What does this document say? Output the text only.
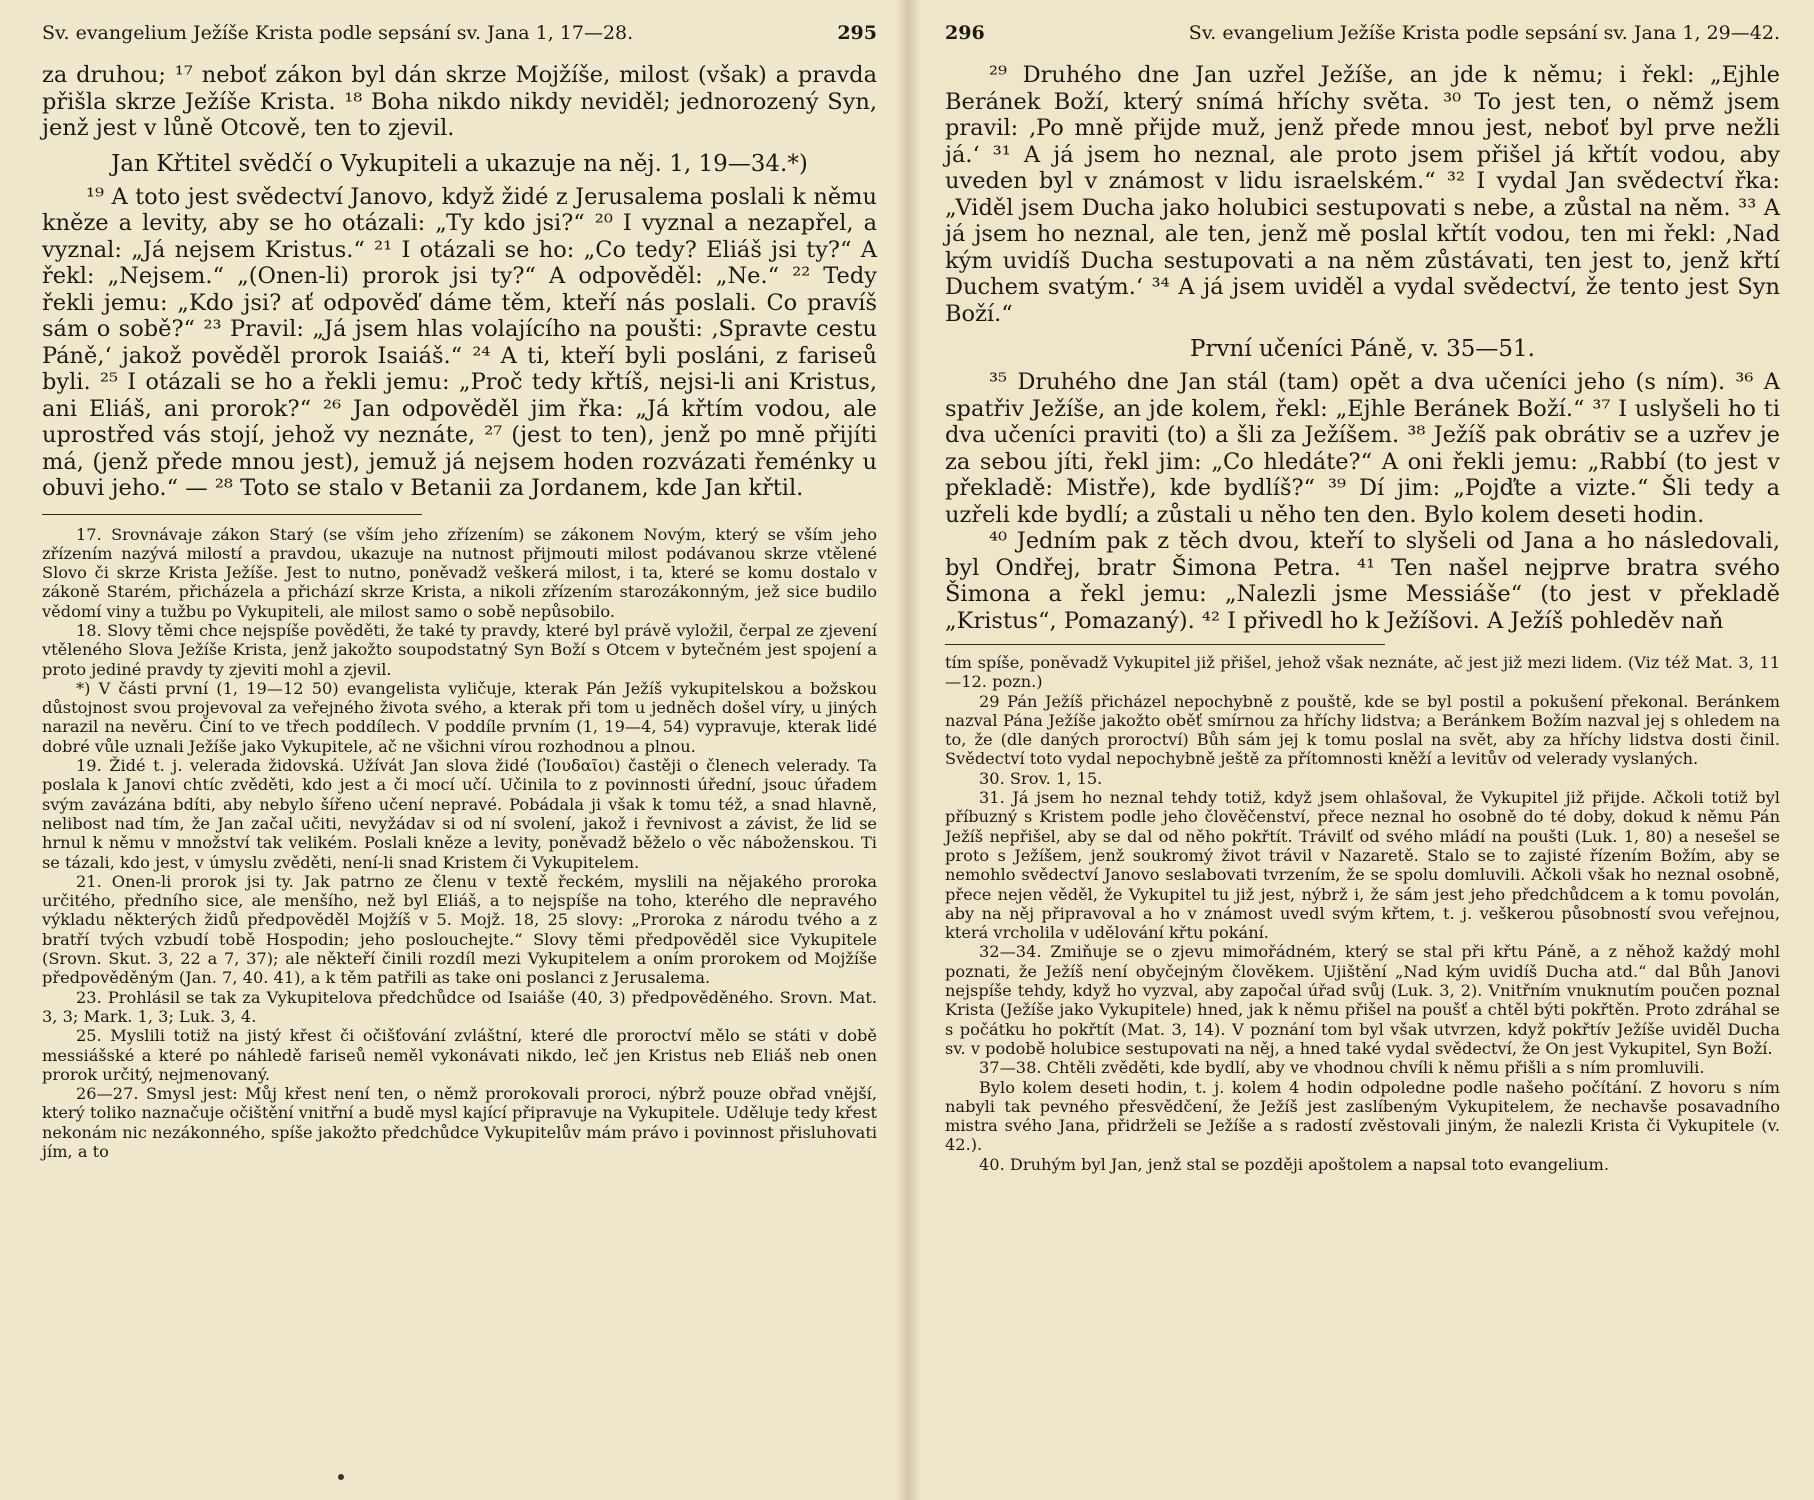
Sv. evangelium Ježíše Krista podle sepsání sv. Jana 1, 17—28.	295

za druhou; ¹⁷ neboť zákon byl dán skrze Mojžíše, milost (však) a pravda přišla skrze Ježíše Krista. ¹⁸ Boha nikdo nikdy neviděl; jednorozený Syn, jenž jest v lůně Otcově, ten to zjevil.

Jan Křtitel svědčí o Vykupiteli a ukazuje na něj. 1, 19—34.*)

¹⁹ A toto jest svědectví Janovo, když židé z Jerusalema poslali k němu kněze a levity, aby se ho otázali: „Ty kdo jsi?“ ²⁰ I vyznal a nezapřel, a vyznal: „Já nejsem Kristus.“ ²¹ I otázali se ho: „Co tedy? Eliáš jsi ty?“ A řekl: „Nejsem.“ „(Onen-li) prorok jsi ty?“ A odpověděl: „Ne.“ ²² Tedy řekli jemu: „Kdo jsi? ať odpověď dáme těm, kteří nás poslali. Co pravíš sám o sobě?“ ²³ Pravil: „Já jsem hlas volajícího na poušti: ‚Spravte cestu Páně,‘ jakož pověděl prorok Isaiáš.“ ²⁴ A ti, kteří byli posláni, z fariseů byli. ²⁵ I otázali se ho a řekli jemu: „Proč tedy křtíš, nejsi-li ani Kristus, ani Eliáš, ani prorok?“ ²⁶ Jan odpověděl jim řka: „Já křtím vodou, ale uprostřed vás stojí, jehož vy neznáte, ²⁷ (jest to ten), jenž po mně přijíti má, (jenž přede mnou jest), jemuž já nejsem hoden rozvázati řeménky u obuvi jeho.“ — ²⁸ Toto se stalo v Betanii za Jordanem, kde Jan křtil.

17. Srovnávaje zákon Starý (se vším jeho zřízením) se zákonem Novým, který se vším jeho zřízením nazývá milostí a pravdou, ukazuje na nutnost přijmouti milost podávanou skrze vtělené Slovo či skrze Krista Ježíše. Jest to nutno, poněvadž veškerá milost, i ta, které se komu dostalo v zákoně Starém, přicházela a přichází skrze Krista, a nikoli zřízením starozákonným, jež sice budilo vědomí viny a tužbu po Vykupiteli, ale milost samo o sobě nepůsobilo.

18. Slovy těmi chce nejspíše pověděti, že také ty pravdy, které byl právě vyložil, čerpal ze zjevení vtěleného Slova Ježíše Krista, jenž jakožto soupodstatný Syn Boží s Otcem v bytečném jest spojení a proto jediné pravdy ty zjeviti mohl a zjevil.

*) V části první (1, 19—12 50) evangelista vyličuje, kterak Pán Ježíš vykupitelskou a božskou důstojnost svou projevoval za veřejného života svého, a kterak při tom u jedněch došel víry, u jiných narazil na nevěru. Činí to ve třech poddílech. V poddíle prvním (1, 19—4, 54) vypravuje, kterak lidé dobré vůle uznali Ježíše jako Vykupitele, ač ne všichni vírou rozhodnou a plnou.

19. Židé t. j. velerada židovská. Užívát Jan slova židé (Ἰουδαῖοι) častěji o členech velerady. Ta poslala k Janovi chtíc zvěděti, kdo jest a či mocí učí. Učinila to z povinnosti úřední, jsouc úřadem svým zavázána bdíti, aby nebylo šířeno učení nepravé. Pobádala ji však k tomu též, a snad hlavně, nelibost nad tím, že Jan začal učiti, nevyžádav si od ní svolení, jakož i řevnivost a závist, že lid se hrnul k němu v množství tak velikém. Poslali kněze a levity, poněvadž běželo o věc náboženskou. Ti se tázali, kdo jest, v úmyslu zvěděti, není-li snad Kristem či Vykupitelem.

21. Onen-li prorok jsi ty. Jak patrno ze členu v textě řeckém, myslili na nějakého proroka určitého, předního sice, ale menšího, než byl Eliáš, a to nejspíše na toho, kterého dle nepravého výkladu některých židů předpověděl Mojžíš v 5. Mojž. 18, 25 slovy: „Proroka z národu tvého a z bratří tvých vzbudí tobě Hospodin; jeho poslouchejte.“ Slovy těmi předpověděl sice Vykupitele (Srovn. Skut. 3, 22 a 7, 37); ale někteří činili rozdíl mezi Vykupitelem a oním prorokem od Mojžíše předpověděným (Jan. 7, 40. 41), a k těm patřili as take oni poslanci z Jerusalema.

23. Prohlásil se tak za Vykupitelova předchůdce od Isaiáše (40, 3) předpověděného. Srovn. Mat. 3, 3; Mark. 1, 3; Luk. 3, 4.

25. Myslili totiž na jistý křest či očišťování zvláštní, které dle proroctví mělo se státi v době messiášské a které po náhledě fariseů neměl vykonávati nikdo, leč jen Kristus neb Eliáš neb onen prorok určitý, nejmenovaný.

26—27. Smysl jest: Můj křest není ten, o němž prorokovali proroci, nýbrž pouze obřad vnější, který toliko naznačuje očištění vnitřní a budě mysl kající připravuje na Vykupitele. Uděluje tedy křest nekonám nic nezákonného, spíše jakožto předchůdce Vykupitelův mám právo i povinnost přisluhovati jím, a to

296	Sv. evangelium Ježíše Krista podle sepsání sv. Jana 1, 29—42.

²⁹ Druhého dne Jan uzřel Ježíše, an jde k němu; i řekl: „Ejhle Beránek Boží, který snímá hříchy světa. ³⁰ To jest ten, o němž jsem pravil: ‚Po mně přijde muž, jenž přede mnou jest, neboť byl prve nežli já.‘ ³¹ A já jsem ho neznal, ale proto jsem přišel já křtít vodou, aby uveden byl v známost v lidu israelském.“ ³² I vydal Jan svědectví řka: „Viděl jsem Ducha jako holubici sestupovati s nebe, a zůstal na něm. ³³ A já jsem ho neznal, ale ten, jenž mě poslal křtít vodou, ten mi řekl: ‚Nad kým uvidíš Ducha sestupovati a na něm zůstávati, ten jest to, jenž křtí Duchem svatým.‘ ³⁴ A já jsem uviděl a vydal svědectví, že tento jest Syn Boží.“

První učeníci Páně, v. 35—51.

³⁵ Druhého dne Jan stál (tam) opět a dva učeníci jeho (s ním). ³⁶ A spatřiv Ježíše, an jde kolem, řekl: „Ejhle Beránek Boží.“ ³⁷ I uslyšeli ho ti dva učeníci praviti (to) a šli za Ježíšem. ³⁸ Ježíš pak obrátiv se a uzřev je za sebou jíti, řekl jim: „Co hledáte?“ A oni řekli jemu: „Rabbí (to jest v překladě: Mistře), kde bydlíš?“ ³⁹ Dí jim: „Pojďte a vizte.“ Šli tedy a uzřeli kde bydlí; a zůstali u něho ten den. Bylo kolem deseti hodin.

⁴⁰ Jedním pak z těch dvou, kteří to slyšeli od Jana a ho následovali, byl Ondřej, bratr Šimona Petra. ⁴¹ Ten našel nejprve bratra svého Šimona a řekl jemu: „Nalezli jsme Messiáše“ (to jest v překladě „Kristus“, Pomazaný). ⁴² I přivedl ho k Ježíšovi. A Ježíš pohleděv naň

tím spíše, poněvadž Vykupitel již přišel, jehož však neznáte, ač jest již mezi lidem. (Viz též Mat. 3, 11—12. pozn.)

29 Pán Ježíš přicházel nepochybně z pouště, kde se byl postil a pokušení překonal. Beránkem nazval Pána Ježíše jakožto oběť smírnou za hříchy lidstva; a Beránkem Božím nazval jej s ohledem na to, že (dle daných proroctví) Bůh sám jej k tomu poslal na svět, aby za hříchy lidstva dosti činil. Svědectví toto vydal nepochybně ještě za přítomnosti kněží a levitův od velerady vyslaných.

30. Srov. 1, 15.

31. Já jsem ho neznal tehdy totiž, když jsem ohlašoval, že Vykupitel již přijde. Ačkoli totiž byl příbuzný s Kristem podle jeho člověčenství, přece neznal ho osobně do té doby, dokud k němu Pán Ježíš nepřišel, aby se dal od něho pokřtít. Trávilť od svého mládí na poušti (Luk. 1, 80) a nesešel se proto s Ježíšem, jenž soukromý život trávil v Nazaretě. Stalo se to zajisté řízením Božím, aby se nemohlo svědectví Janovo seslabovati tvrzením, že se spolu domluvili. Ačkoli však ho neznal osobně, přece nejen věděl, že Vykupitel tu již jest, nýbrž i, že sám jest jeho předchůdcem a k tomu povolán, aby na něj připravoval a ho v známost uvedl svým křtem, t. j. veškerou působností svou veřejnou, která vrcholila v udělování křtu pokání.

32—34. Zmiňuje se o zjevu mimořádném, který se stal při křtu Páně, a z něhož každý mohl poznati, že Ježíš není obyčejným člověkem. Ujištění „Nad kým uvidíš Ducha atd.“ dal Bůh Janovi nejspíše tehdy, když ho vyzval, aby započal úřad svůj (Luk. 3, 2). Vnitřním vnuknutím poučen poznal Krista (Ježíše jako Vykupitele) hned, jak k němu přišel na poušť a chtěl býti pokřtěn. Proto zdráhal se s počátku ho pokřtít (Mat. 3, 14). V poznání tom byl však utvrzen, když pokřtív Ježíše uviděl Ducha sv. v podobě holubice sestupovati na něj, a hned také vydal svědectví, že On jest Vykupitel, Syn Boží.

37—38. Chtěli zvěděti, kde bydlí, aby ve vhodnou chvíli k němu přišli a s ním promluvili.

Bylo kolem deseti hodin, t. j. kolem 4 hodin odpoledne podle našeho počítání. Z hovoru s ním nabyli tak pevného přesvědčení, že Ježíš jest zaslíbeným Vykupitelem, že nechavše posavadního mistra svého Jana, přidrželi se Ježíše a s radostí zvěstovali jiným, že nalezli Krista či Vykupitele (v. 42.).

40. Druhým byl Jan, jenž stal se později apoštolem a napsal toto evangelium.
